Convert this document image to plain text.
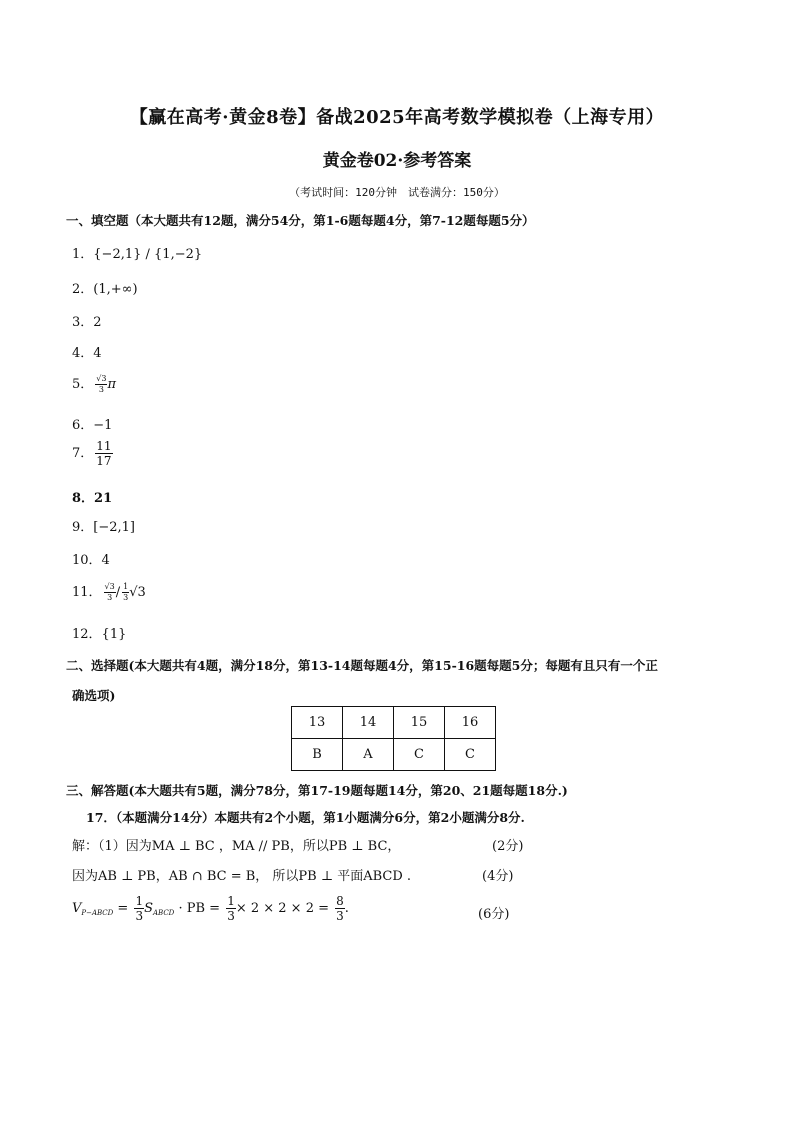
【赢在高考·黄金8卷】备战2025年高考数学模拟卷（上海专用）
黄金卷02·参考答案
（考试时间：120分钟　试卷满分：150分）
一、填空题（本大题共有12题，满分54分，第1-6题每题4分，第7-12题每题5分）
1．{−2,1} / {1,−2}
2．(1,+∞)
3．2
4．4
5． $\frac{√3}{3}$ π
6．−1
7． $\frac{11}{17}$
8．21
9．[−2,1]
10．4
11． $\frac{√3}{3} / \frac{1}{3} √3$
12．{1}
二、选择题(本大题共有4题，满分18分，第13-14题每题4分，第15-16题每题5分；每题有且只有一个正
确选项)
13	14	15	16
B	A	C	C
三、解答题(本大题共有5题，满分78分，第17-19题每题14分，第20、21题每题18分.)
17．（本题满分14分）本题共有2个小题，第1小题满分6分，第2小题满分8分.
解：（1）因为MA ⊥ BC ，MA // PB，所以PB ⊥ BC，	(2分)
因为AB ⊥ PB，AB ∩ BC = B， 所以PB ⊥ 平面ABCD .	(4分)
$V_{P-ABCD} = \frac{1}{3} S_{ABCD}$ · PB = $\frac{1}{3} \times 2 \times 2 \times 2 = \frac{8}{3}$ .	(6分)
